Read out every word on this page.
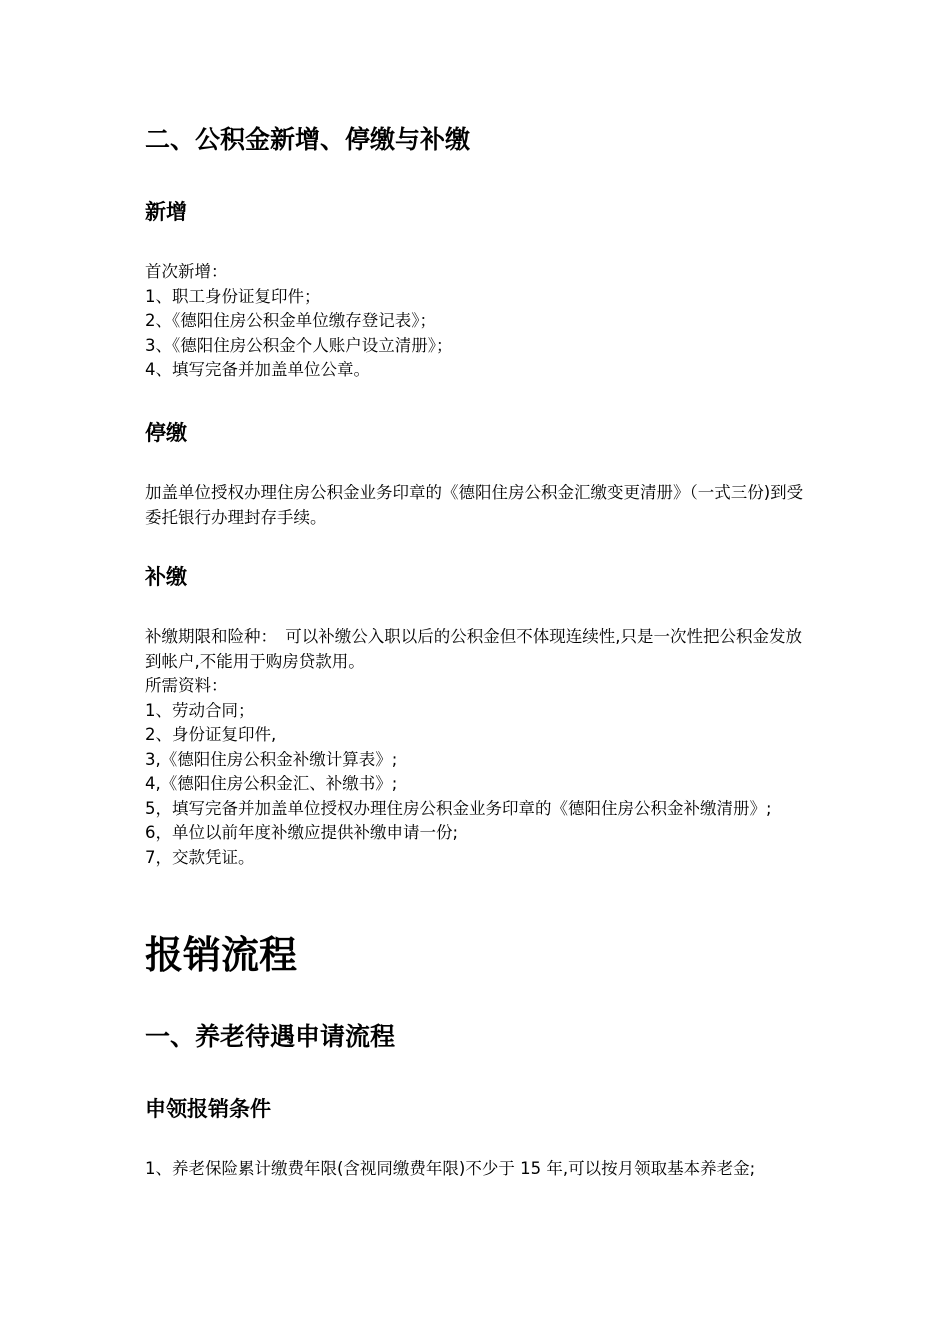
二、公积金新增、停缴与补缴
新增
首次新增：
1、职工身份证复印件；
2、《德阳住房公积金单位缴存登记表》；
3、《德阳住房公积金个人账户设立清册》；
4、填写完备并加盖单位公章。
停缴
加盖单位授权办理住房公积金业务印章的《德阳住房公积金汇缴变更清册》（一式三份)到受委托银行办理封存手续。
补缴
补缴期限和险种：　可以补缴公入职以后的公积金但不体现连续性,只是一次性把公积金发放到帐户,不能用于购房贷款用。
所需资料：
1、劳动合同；
2、身份证复印件,
3,《德阳住房公积金补缴计算表》;
4,《德阳住房公积金汇、补缴书》;
5，填写完备并加盖单位授权办理住房公积金业务印章的《德阳住房公积金补缴清册》;
6，单位以前年度补缴应提供补缴申请一份;
7，交款凭证。
报销流程
一、养老待遇申请流程
申领报销条件
1、养老保险累计缴费年限(含视同缴费年限)不少于 15 年,可以按月领取基本养老金;
